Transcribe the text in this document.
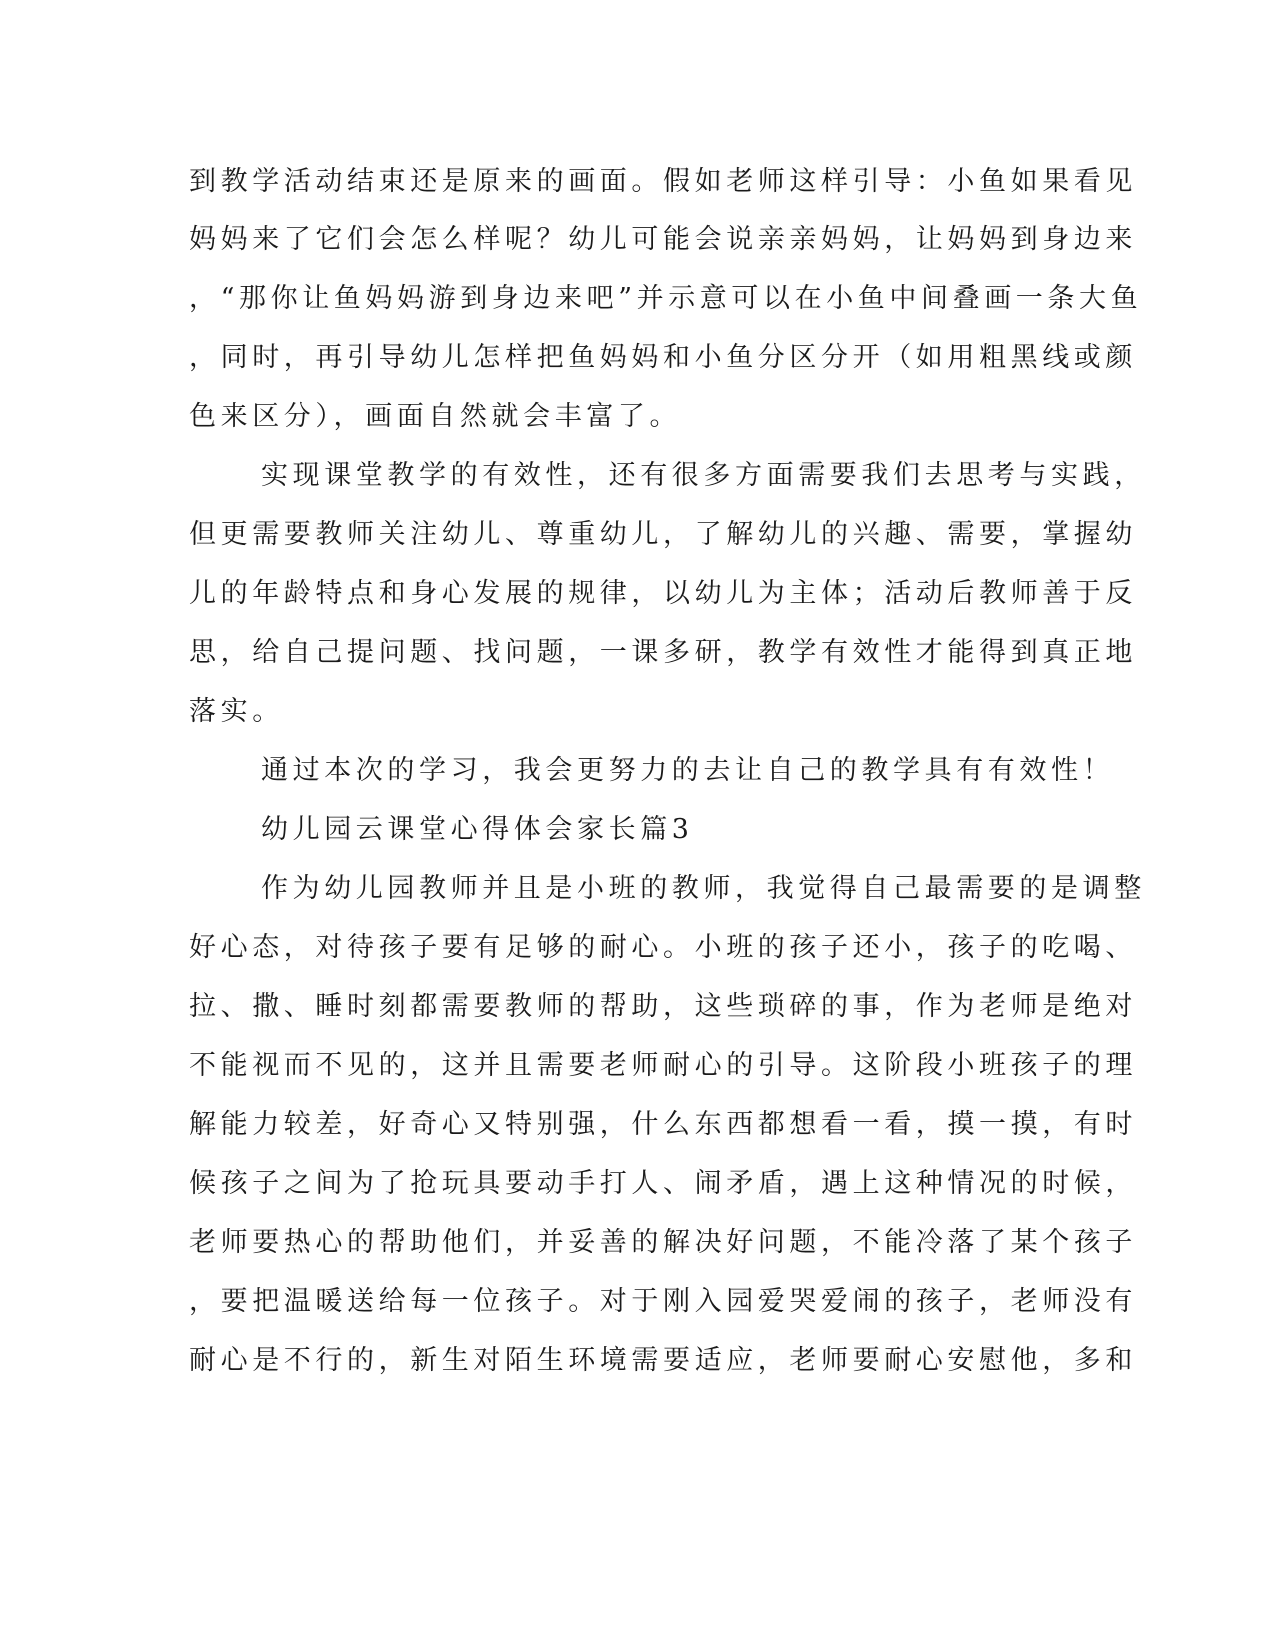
到教学活动结束还是原来的画面。假如老师这样引导：小鱼如果看见
妈妈来了它们会怎么样呢？幼儿可能会说亲亲妈妈，让妈妈到身边来
，“那你让鱼妈妈游到身边来吧”并示意可以在小鱼中间叠画一条大鱼
，同时，再引导幼儿怎样把鱼妈妈和小鱼分区分开（如用粗黑线或颜
色来区分），画面自然就会丰富了。
实现课堂教学的有效性，还有很多方面需要我们去思考与实践，
但更需要教师关注幼儿、尊重幼儿，了解幼儿的兴趣、需要，掌握幼
儿的年龄特点和身心发展的规律，以幼儿为主体；活动后教师善于反
思，给自己提问题、找问题，一课多研，教学有效性才能得到真正地
落实。
通过本次的学习，我会更努力的去让自己的教学具有有效性！
幼儿园云课堂心得体会家长篇3
作为幼儿园教师并且是小班的教师，我觉得自己最需要的是调整
好心态，对待孩子要有足够的耐心。小班的孩子还小，孩子的吃喝、
拉、撒、睡时刻都需要教师的帮助，这些琐碎的事，作为老师是绝对
不能视而不见的，这并且需要老师耐心的引导。这阶段小班孩子的理
解能力较差，好奇心又特别强，什么东西都想看一看，摸一摸，有时
候孩子之间为了抢玩具要动手打人、闹矛盾，遇上这种情况的时候，
老师要热心的帮助他们，并妥善的解决好问题，不能冷落了某个孩子
，要把温暖送给每一位孩子。对于刚入园爱哭爱闹的孩子，老师没有
耐心是不行的，新生对陌生环境需要适应，老师要耐心安慰他，多和
